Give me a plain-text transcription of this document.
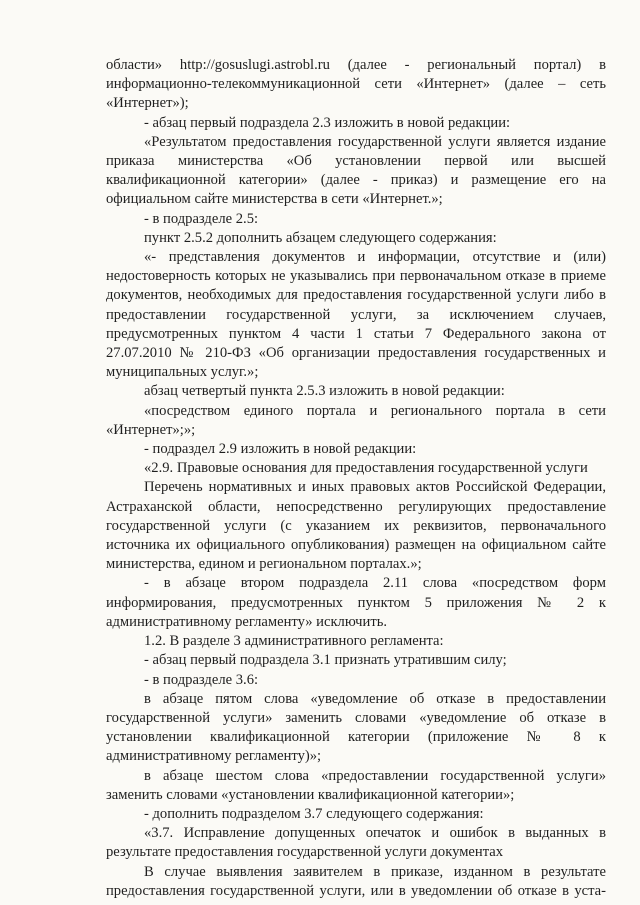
области» http://gosuslugi.astrobl.ru (далее - региональный портал) в информационно-телекоммуникационной сети «Интернет» (далее – сеть «Интернет»);

- абзац первый подраздела 2.3 изложить в новой редакции:

«Результатом предоставления государственной услуги является издание приказа министерства «Об установлении первой или высшей квалификационной категории» (далее - приказ) и размещение его на официальном сайте министерства в сети «Интернет.»;

- в подразделе 2.5:

пункт 2.5.2 дополнить абзацем следующего содержания:

«- представления документов и информации, отсутствие и (или) недостоверность которых не указывались при первоначальном отказе в приеме документов, необходимых для предоставления государственной услуги либо в предоставлении государственной услуги, за исключением случаев, предусмотренных пунктом 4 части 1 статьи 7 Федерального закона от 27.07.2010 № 210-ФЗ «Об организации предоставления государственных и муниципальных услуг.»;

абзац четвертый пункта 2.5.3 изложить в новой редакции:

«посредством единого портала и регионального портала в сети «Интернет»;»;

- подраздел 2.9 изложить в новой редакции:

«2.9. Правовые основания для предоставления государственной услуги

Перечень нормативных и иных правовых актов Российской Федерации, Астраханской области, непосредственно регулирующих предоставление государственной услуги (с указанием их реквизитов, первоначального источника их официального опубликования) размещен на официальном сайте министерства, едином и региональном порталах.»;

- в абзаце втором подраздела 2.11 слова «посредством форм информирования, предусмотренных пунктом 5 приложения № 2 к административному регламенту» исключить.

1.2. В разделе 3 административного регламента:

- абзац первый подраздела 3.1 признать утратившим силу;

- в подразделе 3.6:

в абзаце пятом слова «уведомление об отказе в предоставлении государственной услуги» заменить словами «уведомление об отказе в установлении квалификационной категории (приложение № 8 к административному регламенту)»;

в абзаце шестом слова «предоставлении государственной услуги» заменить словами «установлении квалификационной категории»;

- дополнить подразделом 3.7 следующего содержания:

«3.7. Исправление допущенных опечаток и ошибок в выданных в результате предоставления государственной услуги документах

В случае выявления заявителем в приказе, изданном в результате предоставления государственной услуги, или в уведомлении об отказе в уста-
